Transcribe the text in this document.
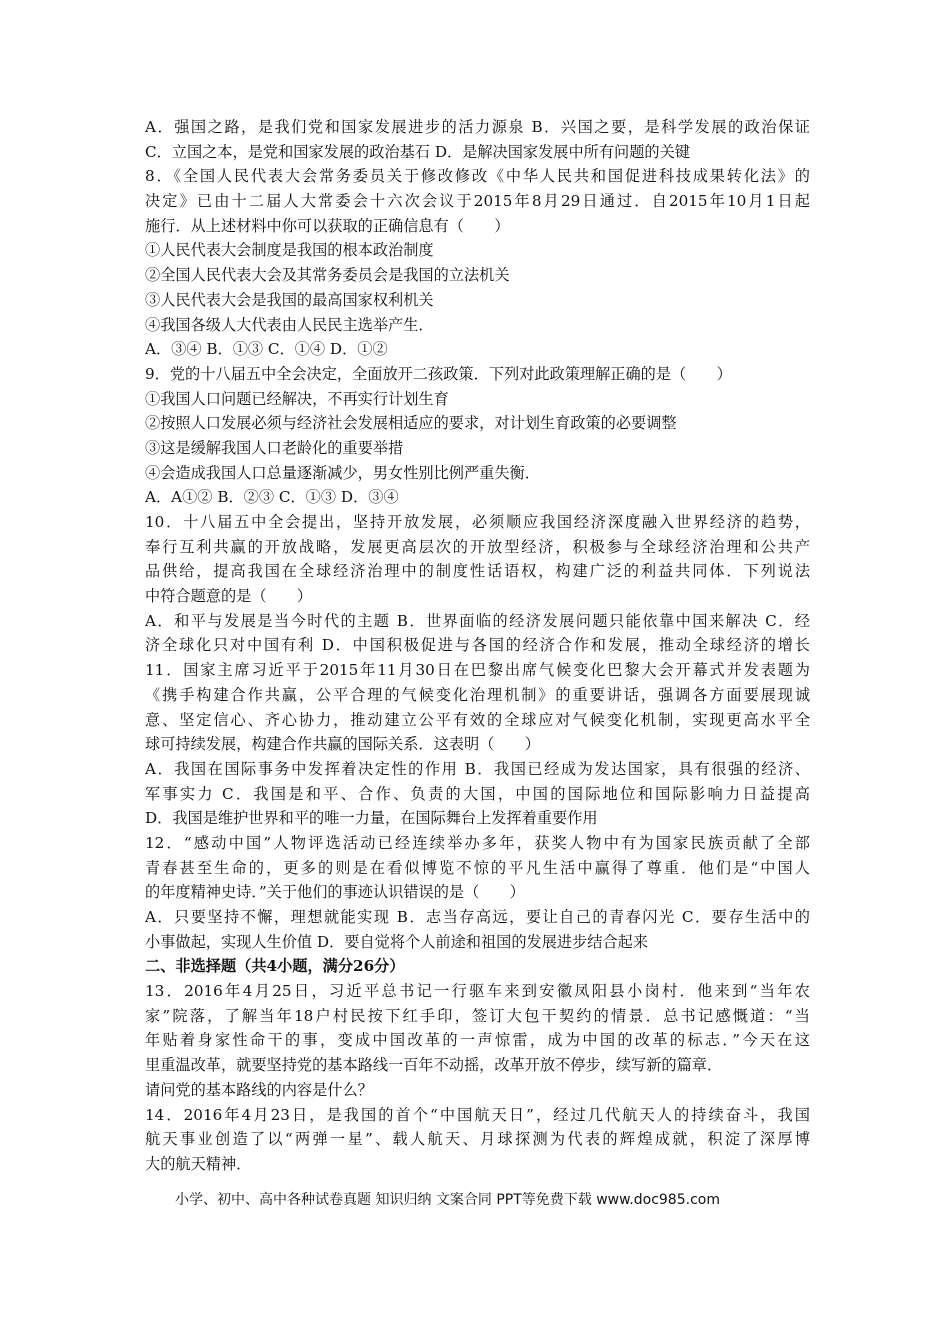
A．强国之路，是我们党和国家发展进步的活力源泉 B．兴国之要，是科学发展的政治保证
C．立国之本，是党和国家发展的政治基石 D．是解决国家发展中所有问题的关键
8．《全国人民代表大会常务委员关于修改修改《中华人民共和国促进科技成果转化法》的
决定》已由十二届人大常委会十六次会议于2015年8月29日通过．自2015年10月1日起
施行．从上述材料中你可以获取的正确信息有（　　）
①人民代表大会制度是我国的根本政治制度
②全国人民代表大会及其常务委员会是我国的立法机关
③人民代表大会是我国的最高国家权利机关
④我国各级人大代表由人民民主选举产生．
A．③④ B．①③ C．①④ D．①②
9．党的十八届五中全会决定，全面放开二孩政策．下列对此政策理解正确的是（　　）
①我国人口问题已经解决，不再实行计划生育
②按照人口发展必须与经济社会发展相适应的要求，对计划生育政策的必要调整
③这是缓解我国人口老龄化的重要举措
④会造成我国人口总量逐渐减少，男女性别比例严重失衡．
A．A①② B．②③ C．①③ D．③④
10．十八届五中全会提出，坚持开放发展，必须顺应我国经济深度融入世界经济的趋势，
奉行互利共赢的开放战略，发展更高层次的开放型经济，积极参与全球经济治理和公共产
品供给，提高我国在全球经济治理中的制度性话语权，构建广泛的利益共同体．下列说法
中符合题意的是（　　）
A．和平与发展是当今时代的主题 B．世界面临的经济发展问题只能依靠中国来解决 C．经
济全球化只对中国有利 D．中国积极促进与各国的经济合作和发展，推动全球经济的增长
11．国家主席习近平于2015年11月30日在巴黎出席气候变化巴黎大会开幕式并发表题为
《携手构建合作共赢，公平合理的气候变化治理机制》的重要讲话，强调各方面要展现诚
意、坚定信心、齐心协力，推动建立公平有效的全球应对气候变化机制，实现更高水平全
球可持续发展，构建合作共赢的国际关系．这表明（　　）
A．我国在国际事务中发挥着决定性的作用 B．我国已经成为发达国家，具有很强的经济、
军事实力 C．我国是和平、合作、负责的大国，中国的国际地位和国际影响力日益提高
D．我国是维护世界和平的唯一力量，在国际舞台上发挥着重要作用
12．“感动中国”人物评选活动已经连续举办多年，获奖人物中有为国家民族贡献了全部
青春甚至生命的，更多的则是在看似博览不惊的平凡生活中赢得了尊重．他们是“中国人
的年度精神史诗．”关于他们的事迹认识错误的是（　　）
A．只要坚持不懈，理想就能实现 B．志当存高远，要让自己的青春闪光 C．要存生活中的
小事做起，实现人生价值 D．要自觉将个人前途和祖国的发展进步结合起来
二、非选择题（共4小题，满分26分）
13．2016年4月25日，习近平总书记一行驱车来到安徽凤阳县小岗村．他来到“当年农
家”院落，了解当年18户村民按下红手印，签订大包干契约的情景．总书记感慨道：“当
年贴着身家性命干的事，变成中国改革的一声惊雷，成为中国的改革的标志．”今天在这
里重温改革，就要坚持党的基本路线一百年不动摇，改革开放不停步，续写新的篇章．
请问党的基本路线的内容是什么？
14．2016年4月23日，是我国的首个“中国航天日”，经过几代航天人的持续奋斗，我国
航天事业创造了以“两弹一星”、载人航天、月球探测为代表的辉煌成就，积淀了深厚博
大的航天精神．
小学、初中、高中各种试卷真题 知识归纳 文案合同 PPT等免费下载 www.doc985.com
